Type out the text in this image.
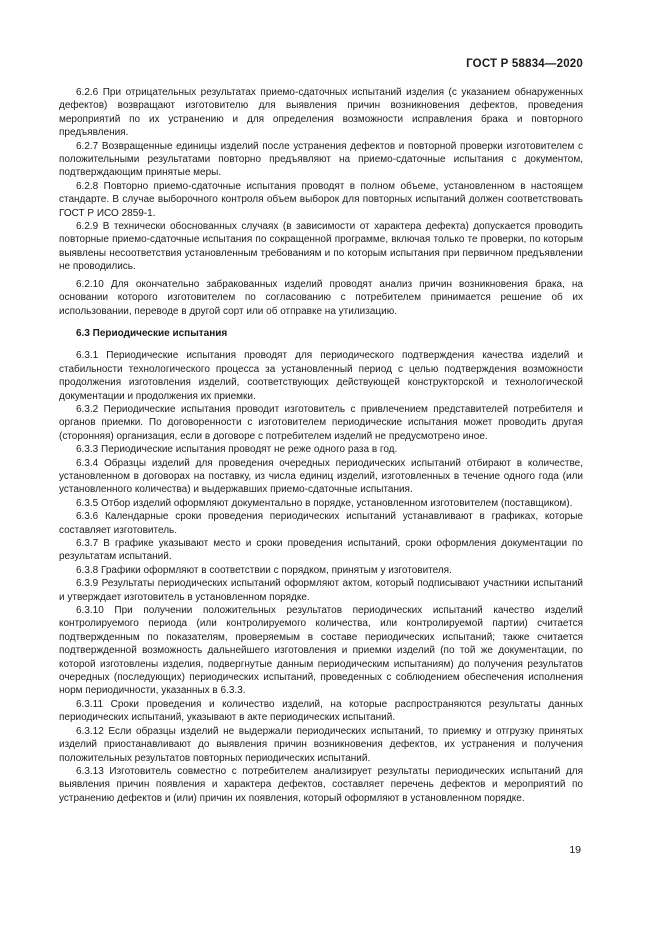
ГОСТ Р 58834—2020

6.2.6 При отрицательных результатах приемо-сдаточных испытаний изделия (с указанием обнаруженных дефектов) возвращают изготовителю для выявления причин возникновения дефектов, проведения мероприятий по их устранению и для определения возможности исправления брака и повторного предъявления.

6.2.7 Возвращенные единицы изделий после устранения дефектов и повторной проверки изготовителем с положительными результатами повторно предъявляют на приемо-сдаточные испытания с документом, подтверждающим принятые меры.

6.2.8 Повторно приемо-сдаточные испытания проводят в полном объеме, установленном в настоящем стандарте. В случае выборочного контроля объем выборок для повторных испытаний должен соответствовать ГОСТ Р ИСО 2859-1.

6.2.9 В технически обоснованных случаях (в зависимости от характера дефекта) допускается проводить повторные приемо-сдаточные испытания по сокращенной программе, включая только те проверки, по которым выявлены несоответствия установленным требованиям и по которым испытания при первичном предъявлении не проводились.

6.2.10 Для окончательно забракованных изделий проводят анализ причин возникновения брака, на основании которого изготовителем по согласованию с потребителем принимается решение об их использовании, переводе в другой сорт или об отправке на утилизацию.

6.3 Периодические испытания

6.3.1 Периодические испытания проводят для периодического подтверждения качества изделий и стабильности технологического процесса за установленный период с целью подтверждения возможности продолжения изготовления изделий, соответствующих действующей конструкторской и технологической документации и продолжения их приемки.

6.3.2 Периодические испытания проводит изготовитель с привлечением представителей потребителя и органов приемки. По договоренности с изготовителем периодические испытания может проводить другая (сторонняя) организация, если в договоре с потребителем изделий не предусмотрено иное.

6.3.3 Периодические испытания проводят не реже одного раза в год.

6.3.4 Образцы изделий для проведения очередных периодических испытаний отбирают в количестве, установленном в договорах на поставку, из числа единиц изделий, изготовленных в течение одного года (или установленного количества) и выдержавших приемо-сдаточные испытания.

6.3.5 Отбор изделий оформляют документально в порядке, установленном изготовителем (поставщиком).

6.3.6 Календарные сроки проведения периодических испытаний устанавливают в графиках, которые составляет изготовитель.

6.3.7 В графике указывают место и сроки проведения испытаний, сроки оформления документации по результатам испытаний.

6.3.8 Графики оформляют в соответствии с порядком, принятым у изготовителя.

6.3.9 Результаты периодических испытаний оформляют актом, который подписывают участники испытаний и утверждает изготовитель в установленном порядке.

6.3.10 При получении положительных результатов периодических испытаний качество изделий контролируемого периода (или контролируемого количества, или контролируемой партии) считается подтвержденным по показателям, проверяемым в составе периодических испытаний; также считается подтвержденной возможность дальнейшего изготовления и приемки изделий (по той же документации, по которой изготовлены изделия, подвергнутые данным периодическим испытаниям) до получения результатов очередных (последующих) периодических испытаний, проведенных с соблюдением обеспечения исполнения норм периодичности, указанных в 6.3.3.

6.3.11 Сроки проведения и количество изделий, на которые распространяются результаты данных периодических испытаний, указывают в акте периодических испытаний.

6.3.12 Если образцы изделий не выдержали периодических испытаний, то приемку и отгрузку принятых изделий приостанавливают до выявления причин возникновения дефектов, их устранения и получения положительных результатов повторных периодических испытаний.

6.3.13 Изготовитель совместно с потребителем анализирует результаты периодических испытаний для выявления причин появления и характера дефектов, составляет перечень дефектов и мероприятий по устранению дефектов и (или) причин их появления, который оформляют в установленном порядке.

19
